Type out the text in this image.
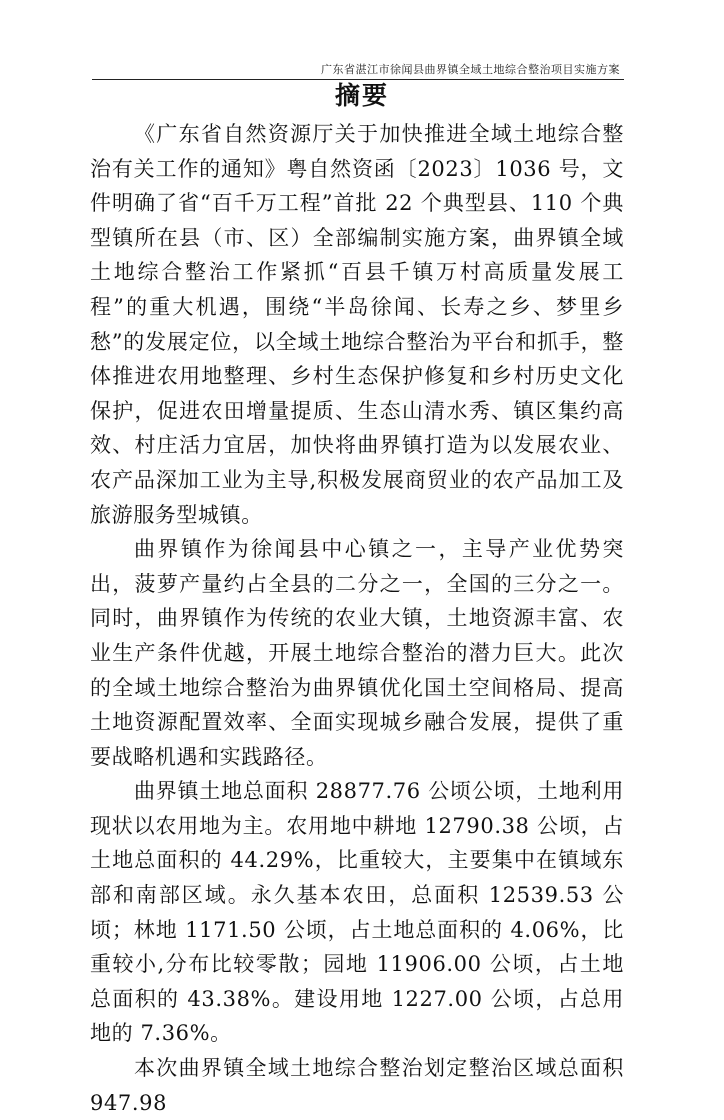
广东省湛江市徐闻县曲界镇全域土地综合整治项目实施方案
摘要

《广东省自然资源厅关于加快推进全域土地综合整治有关工作的通知》粤自然资函〔2023〕1036 号，文件明确了省“百千万工程”首批 22 个典型县、110 个典型镇所在县（市、区）全部编制实施方案，曲界镇全域土地综合整治工作紧抓“百县千镇万村高质量发展工程”的重大机遇，围绕“半岛徐闻、长寿之乡、梦里乡愁”的发展定位，以全域土地综合整治为平台和抓手，整体推进农用地整理、乡村生态保护修复和乡村历史文化保护，促进农田增量提质、生态山清水秀、镇区集约高效、村庄活力宜居，加快将曲界镇打造为以发展农业、农产品深加工业为主导,积极发展商贸业的农产品加工及旅游服务型城镇。

曲界镇作为徐闻县中心镇之一，主导产业优势突出，菠萝产量约占全县的二分之一，全国的三分之一。同时，曲界镇作为传统的农业大镇，土地资源丰富、农业生产条件优越，开展土地综合整治的潜力巨大。此次的全域土地综合整治为曲界镇优化国土空间格局、提高土地资源配置效率、全面实现城乡融合发展，提供了重要战略机遇和实践路径。

曲界镇土地总面积 28877.76 公顷公顷，土地利用现状以农用地为主。农用地中耕地 12790.38 公顷，占土地总面积的 44.29%，比重较大，主要集中在镇域东部和南部区域。永久基本农田，总面积 12539.53 公顷；林地 1171.50 公顷，占土地总面积的 4.06%，比重较小,分布比较零散；园地 11906.00 公顷，占土地总面积的 43.38%。建设用地 1227.00 公顷，占总用地的 7.36%。

本次曲界镇全域土地综合整治划定整治区域总面积 947.98
